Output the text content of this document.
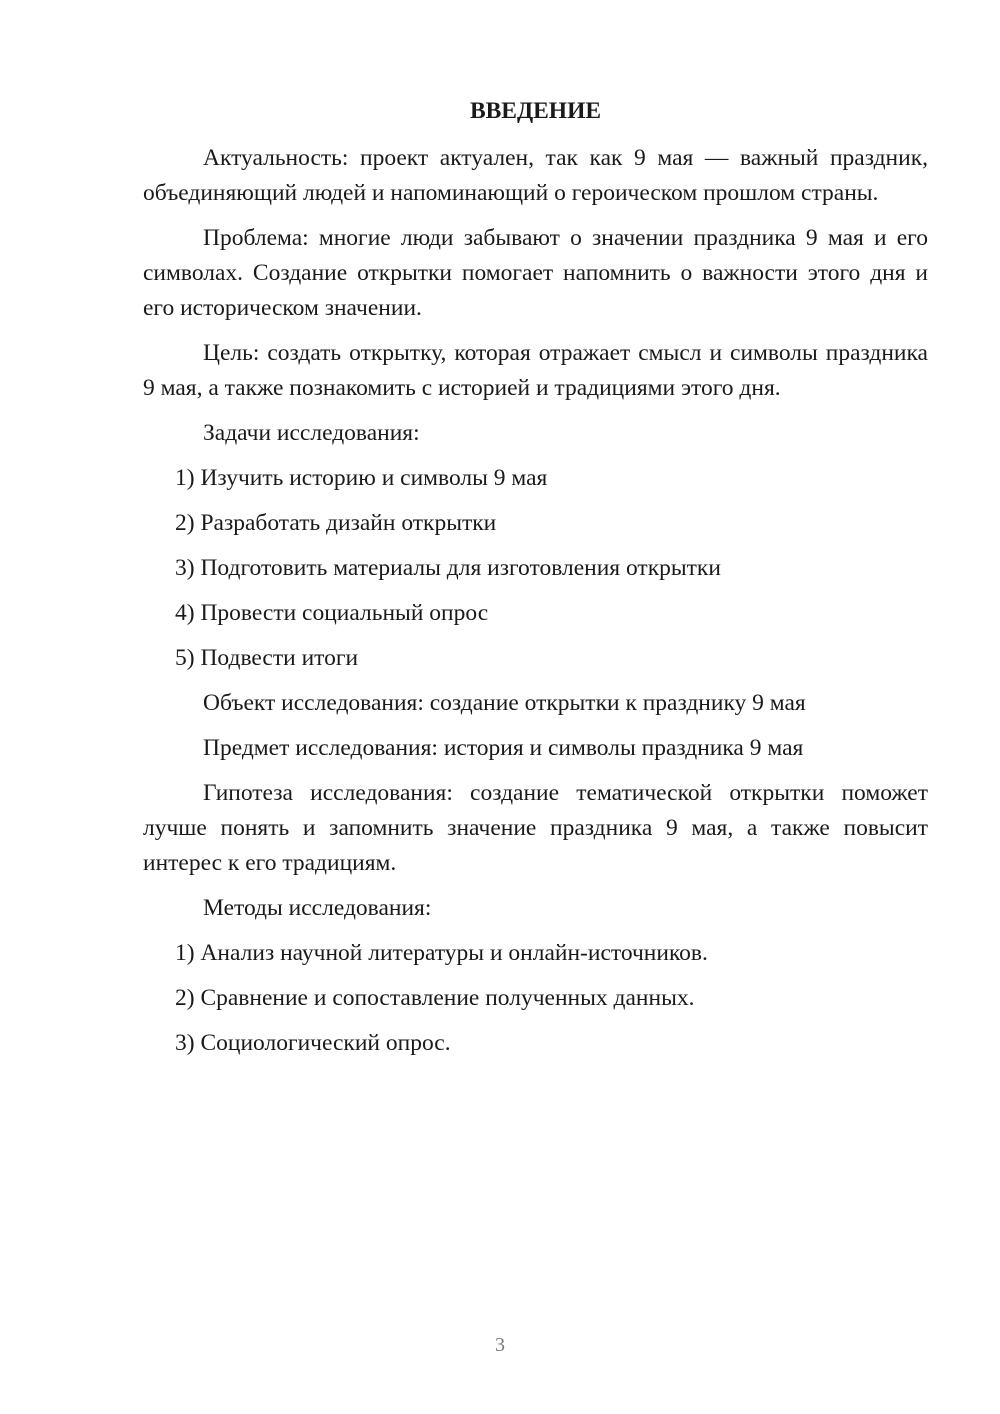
ВВЕДЕНИЕ
Актуальность: проект актуален, так как 9 мая — важный праздник, объединяющий людей и напоминающий о героическом прошлом страны.
Проблема: многие люди забывают о значении праздника 9 мая и его символах. Создание открытки помогает напомнить о важности этого дня и его историческом значении.
Цель: создать открытку, которая отражает смысл и символы праздника 9 мая, а также познакомить с историей и традициями этого дня.
Задачи исследования:
1) Изучить историю и символы 9 мая
2) Разработать дизайн открытки
3) Подготовить материалы для изготовления открытки
4) Провести социальный опрос
5) Подвести итоги
Объект исследования: создание открытки к празднику 9 мая
Предмет исследования: история и символы праздника 9 мая
Гипотеза исследования: создание тематической открытки поможет лучше понять и запомнить значение праздника 9 мая, а также повысит интерес к его традициям.
Методы исследования:
1) Анализ научной литературы и онлайн-источников.
2) Сравнение и сопоставление полученных данных.
3) Социологический опрос.
3
